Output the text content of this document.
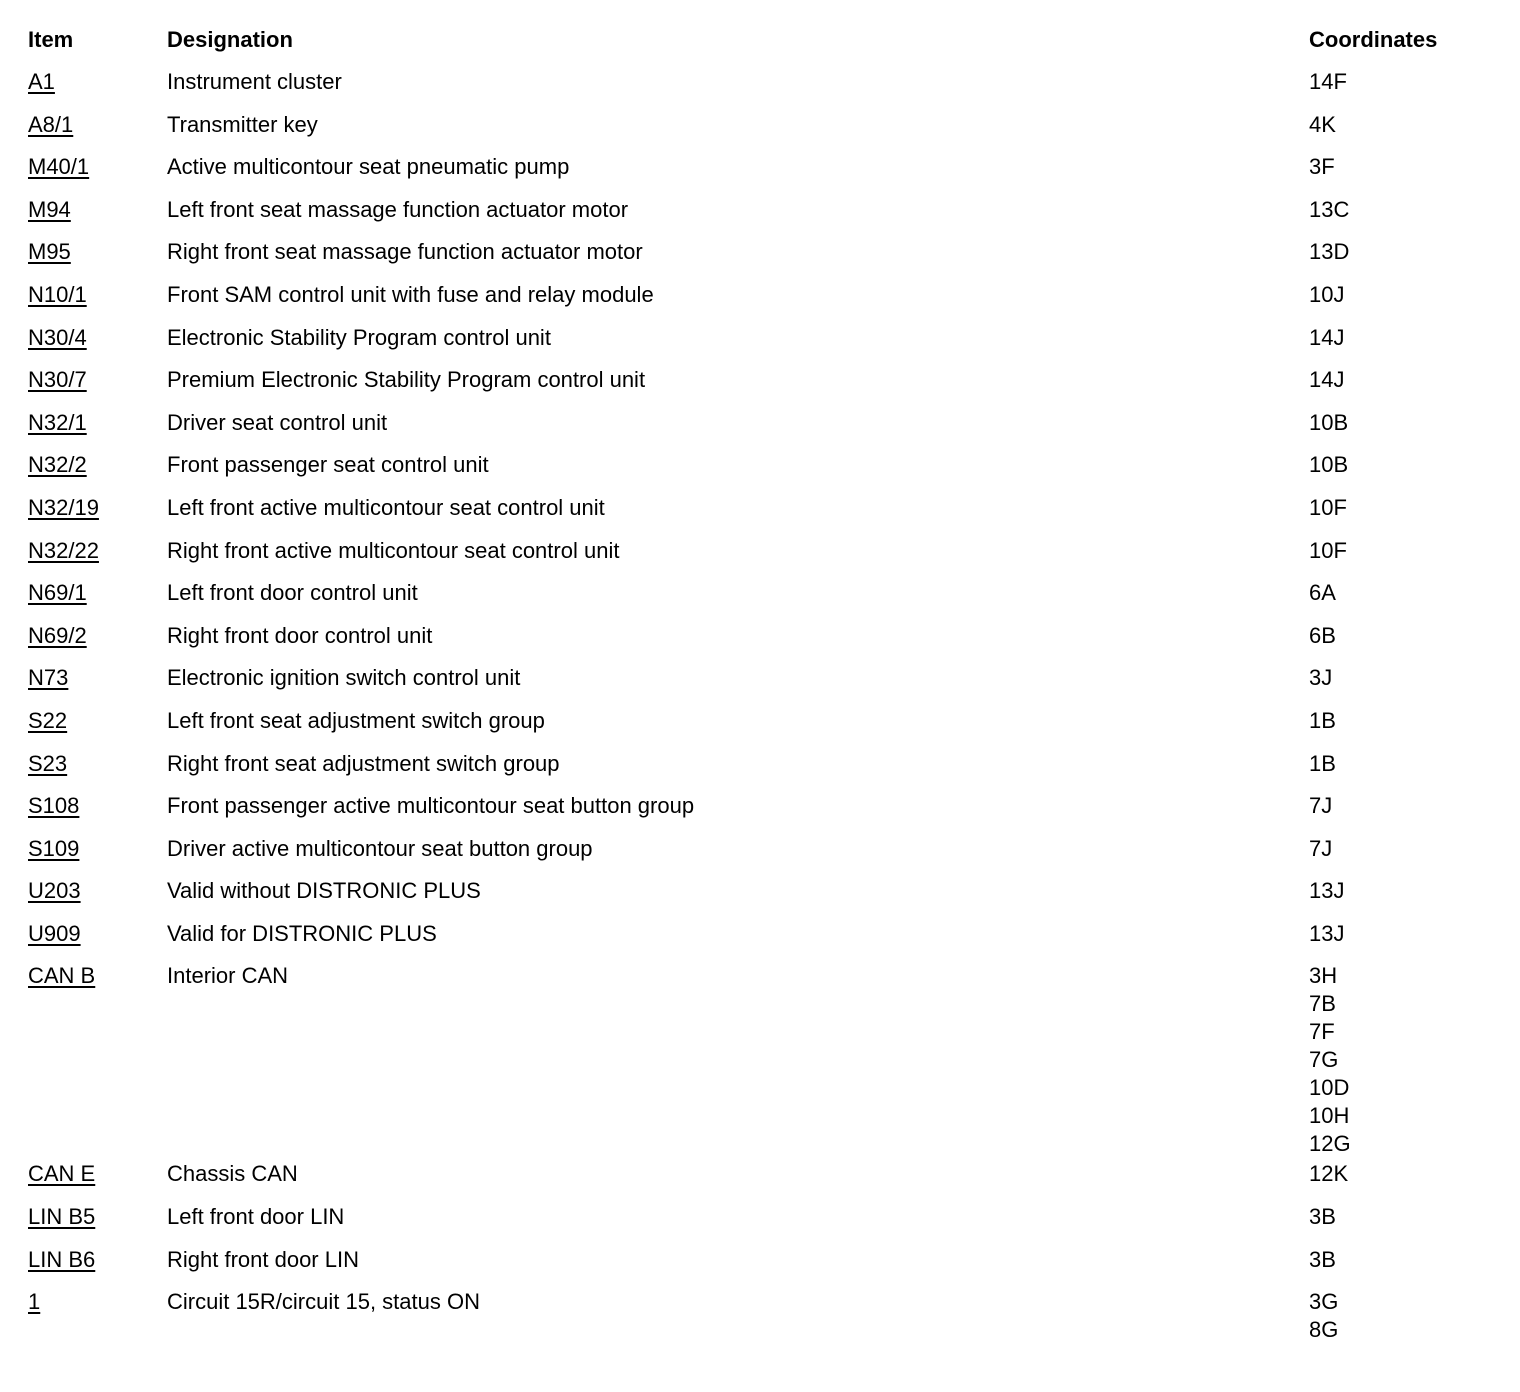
Item	Designation	Coordinates
A1	Instrument cluster	14F
A8/1	Transmitter key	4K
M40/1	Active multicontour seat pneumatic pump	3F
M94	Left front seat massage function actuator motor	13C
M95	Right front seat massage function actuator motor	13D
N10/1	Front SAM control unit with fuse and relay module	10J
N30/4	Electronic Stability Program control unit	14J
N30/7	Premium Electronic Stability Program control unit	14J
N32/1	Driver seat control unit	10B
N32/2	Front passenger seat control unit	10B
N32/19	Left front active multicontour seat control unit	10F
N32/22	Right front active multicontour seat control unit	10F
N69/1	Left front door control unit	6A
N69/2	Right front door control unit	6B
N73	Electronic ignition switch control unit	3J
S22	Left front seat adjustment switch group	1B
S23	Right front seat adjustment switch group	1B
S108	Front passenger active multicontour seat button group	7J
S109	Driver active multicontour seat button group	7J
U203	Valid without DISTRONIC PLUS	13J
U909	Valid for DISTRONIC PLUS	13J
CAN B	Interior CAN	3H
7B
7F
7G
10D
10H
12G
CAN E	Chassis CAN	12K
LIN B5	Left front door LIN	3B
LIN B6	Right front door LIN	3B
1	Circuit 15R/circuit 15, status ON	3G
8G
